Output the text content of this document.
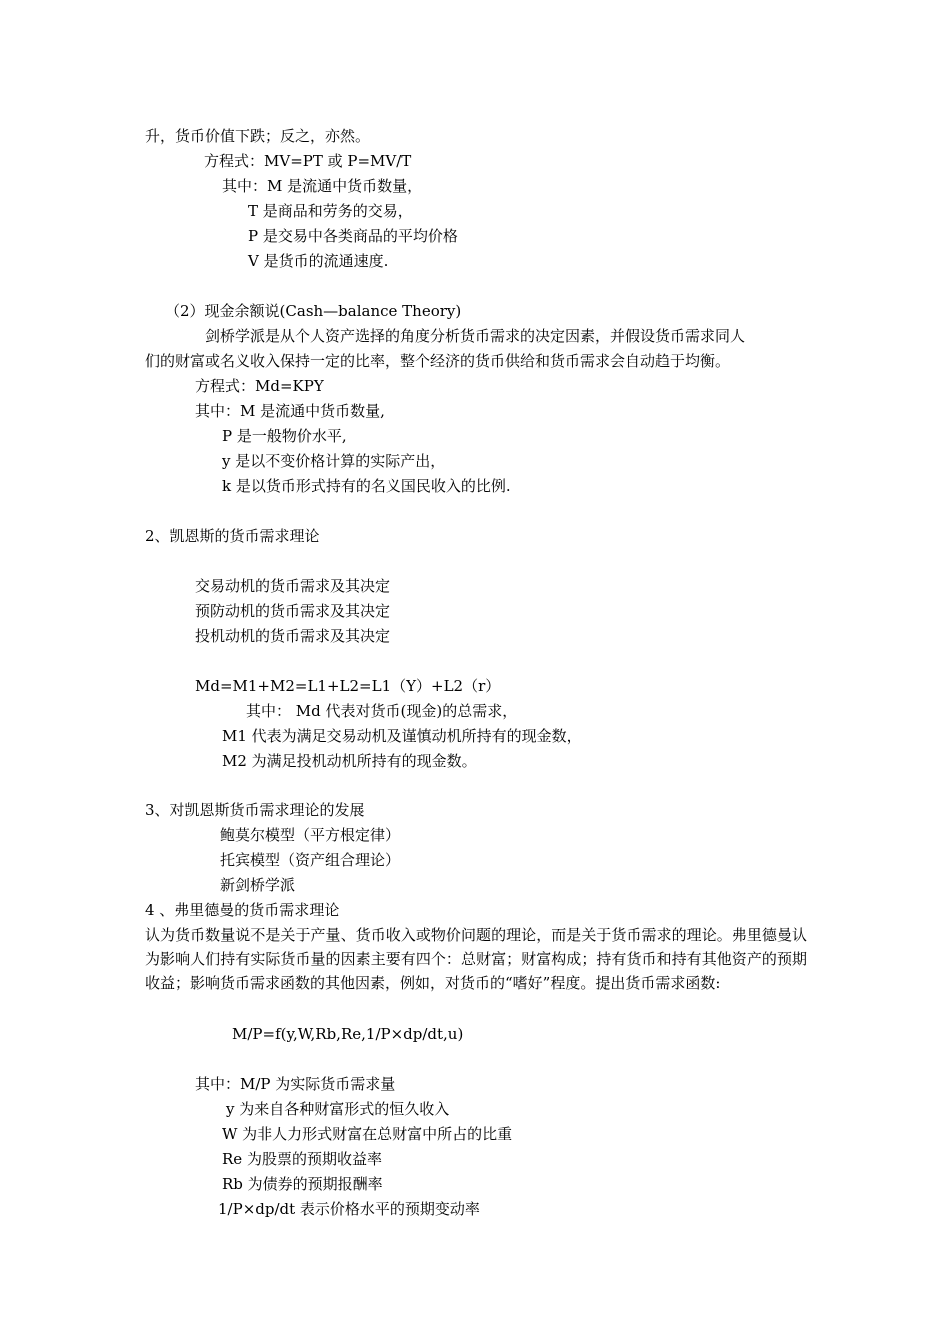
升，货币价值下跌；反之，亦然。
方程式：MV=PT 或 P=MV/T
其中：M 是流通中货币数量，
T 是商品和劳务的交易，
P 是交易中各类商品的平均价格
V 是货币的流通速度.
（2）现金余额说(Cash—balance Theory)
剑桥学派是从个人资产选择的角度分析货币需求的决定因素，并假设货币需求同人
们的财富或名义收入保持一定的比率，整个经济的货币供给和货币需求会自动趋于均衡。
方程式：Md=KPY
其中：M 是流通中货币数量,
P 是一般物价水平,
y 是以不变价格计算的实际产出，
k 是以货币形式持有的名义国民收入的比例.
2、凯恩斯的货币需求理论
交易动机的货币需求及其决定
预防动机的货币需求及其决定
投机动机的货币需求及其决定
Md=M1+M2=L1+L2=L1（Y）+L2（r）
其中： Md 代表对货币(现金)的总需求，
M1 代表为满足交易动机及谨慎动机所持有的现金数，
M2 为满足投机动机所持有的现金数。
3、对凯恩斯货币需求理论的发展
鲍莫尔模型（平方根定律）
托宾模型（资产组合理论）
新剑桥学派
4 、弗里德曼的货币需求理论
认为货币数量说不是关于产量、货币收入或物价问题的理论，而是关于货币需求的理论。弗里德曼认为影响人们持有实际货币量的因素主要有四个：总财富；财富构成；持有货币和持有其他资产的预期收益；影响货币需求函数的其他因素，例如，对货币的“嗜好”程度。提出货币需求函数:
M/P=f(y,W,Rb,Re,1/P×dp/dt,u)
其中：M/P 为实际货币需求量
y 为来自各种财富形式的恒久收入
W 为非人力形式财富在总财富中所占的比重
Re 为股票的预期收益率
Rb 为债券的预期报酬率
1/P×dp/dt 表示价格水平的预期变动率
